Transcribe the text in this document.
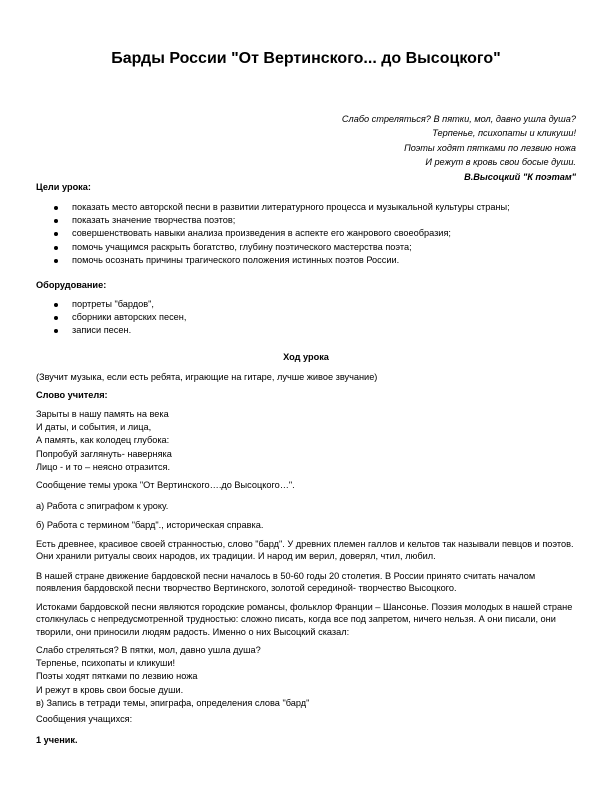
Барды России "От Вертинского... до Высоцкого"
Слабо стреляться? В пятки, мол, давно ушла душа?
Терпенье, психопаты и кликуши!
Поэты ходят пятками по лезвию ножа
И режут в кровь свои босые души.
В.Высоцкий "К поэтам"
Цели урока:
показать место авторской песни в развитии литературного процесса и музыкальной культуры страны;
показать значение творчества поэтов;
совершенствовать навыки анализа произведения в аспекте его жанрового своеобразия;
помочь учащимся раскрыть богатство, глубину поэтического мастерства поэта;
помочь осознать причины трагического положения истинных поэтов России.
Оборудование:
портреты "бардов",
сборники авторских песен,
записи песен.
Ход урока
(Звучит музыка, если есть ребята, играющие на гитаре, лучше живое звучание)
Слово учителя:
Зарыты в нашу память на века
И даты, и события, и лица,
А память, как колодец глубока:
Попробуй заглянуть- наверняка
Лицо - и то – неясно отразится.
Сообщение темы урока "От Вертинского….до Высоцкого…".
а) Работа с эпиграфом к уроку.
б) Работа с термином "бард"., историческая справка.
Есть древнее, красивое своей странностью, слово "бард". У древних племен галлов и кельтов так называли певцов и поэтов. Они хранили ритуалы своих народов, их традиции. И народ им верил, доверял, чтил, любил.
В нашей стране движение бардовской песни началось в 50-60 годы 20 столетия. В России принято считать началом появления бардовской песни творчество Вертинского, золотой серединой- творчество Высоцкого.
Истоками бардовской песни являются городские романсы, фольклор Франции – Шансонье. Поэзия молодых в нашей стране столкнулась с непредусмотренной трудностью: сложно писать, когда все под запретом, ничего нельзя. А они писали, они творили, они приносили людям радость. Именно о них Высоцкий сказал:
Слабо стреляться? В пятки, мол, давно ушла душа?
Терпенье, психопаты и кликуши!
Поэты ходят пятками по лезвию ножа
И режут в кровь свои босые души.
в) Запись в тетради темы, эпиграфа, определения слова "бард"
Сообщения учащихся:
1 ученик.
